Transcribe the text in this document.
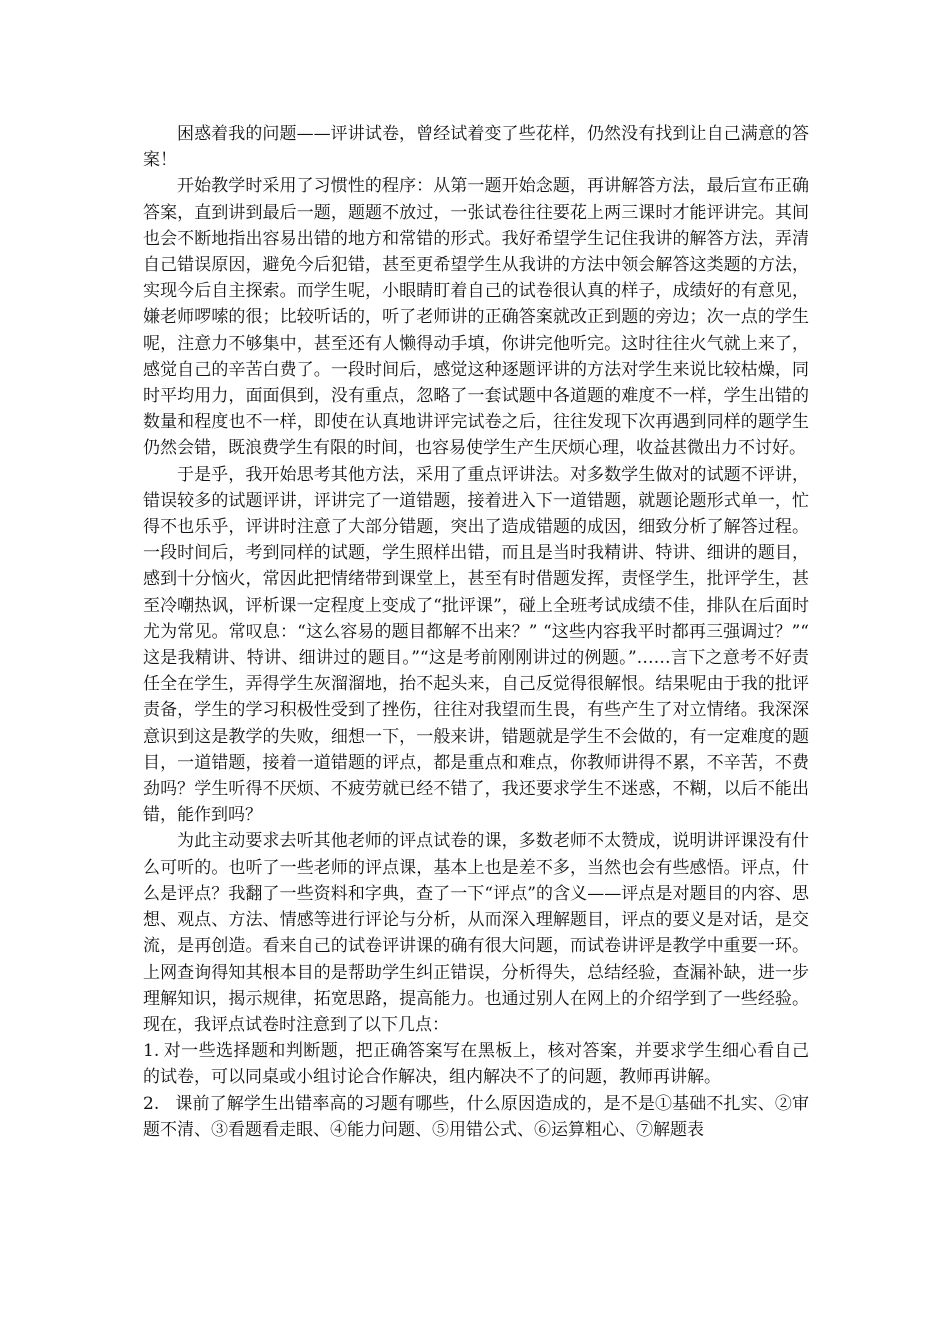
困惑着我的问题——评讲试卷，曾经试着变了些花样，仍然没有找到让自己满意的答案！

开始教学时采用了习惯性的程序：从第一题开始念题，再讲解答方法，最后宣布正确答案，直到讲到最后一题，题题不放过，一张试卷往往要花上两三课时才能评讲完。其间也会不断地指出容易出错的地方和常错的形式。我好希望学生记住我讲的解答方法，弄清自己错误原因，避免今后犯错，甚至更希望学生从我讲的方法中领会解答这类题的方法，实现今后自主探索。而学生呢，小眼睛盯着自己的试卷很认真的样子，成绩好的有意见，嫌老师啰嗦的很；比较听话的，听了老师讲的正确答案就改正到题的旁边；次一点的学生呢，注意力不够集中，甚至还有人懒得动手填，你讲完他听完。这时往往火气就上来了，感觉自己的辛苦白费了。一段时间后，感觉这种逐题评讲的方法对学生来说比较枯燥，同时平均用力，面面俱到，没有重点，忽略了一套试题中各道题的难度不一样，学生出错的数量和程度也不一样，即使在认真地讲评完试卷之后，往往发现下次再遇到同样的题学生仍然会错，既浪费学生有限的时间，也容易使学生产生厌烦心理，收益甚微出力不讨好。

于是乎，我开始思考其他方法，采用了重点评讲法。对多数学生做对的试题不评讲，错误较多的试题评讲，评讲完了一道错题，接着进入下一道错题，就题论题形式单一，忙得不也乐乎，评讲时注意了大部分错题，突出了造成错题的成因，细致分析了解答过程。一段时间后，考到同样的试题，学生照样出错，而且是当时我精讲、特讲、细讲的题目，感到十分恼火，常因此把情绪带到课堂上，甚至有时借题发挥，责怪学生，批评学生，甚至冷嘲热讽，评析课一定程度上变成了“批评课”，碰上全班考试成绩不佳，排队在后面时尤为常见。常叹息：“这么容易的题目都解不出来？” “这些内容我平时都再三强调过？”“ 这是我精讲、特讲、细讲过的题目。”“这是考前刚刚讲过的例题。”……言下之意考不好责任全在学生，弄得学生灰溜溜地，抬不起头来，自己反觉得很解恨。结果呢由于我的批评责备，学生的学习积极性受到了挫伤，往往对我望而生畏，有些产生了对立情绪。我深深意识到这是教学的失败，细想一下，一般来讲，错题就是学生不会做的，有一定难度的题目，一道错题，接着一道错题的评点，都是重点和难点，你教师讲得不累，不辛苦，不费劲吗？学生听得不厌烦、不疲劳就已经不错了，我还要求学生不迷惑，不糊，以后不能出错，能作到吗？

为此主动要求去听其他老师的评点试卷的课，多数老师不太赞成，说明讲评课没有什么可听的。也听了一些老师的评点课，基本上也是差不多，当然也会有些感悟。评点，什么是评点？我翻了一些资料和字典，查了一下“评点”的含义——评点是对题目的内容、思想、观点、方法、情感等进行评论与分析，从而深入理解题目，评点的要义是对话，是交流，是再创造。看来自己的试卷评讲课的确有很大问题，而试卷讲评是教学中重要一环。上网查询得知其根本目的是帮助学生纠正错误，分析得失，总结经验，查漏补缺，进一步理解知识，揭示规律，拓宽思路，提高能力。也通过别人在网上的介绍学到了一些经验。现在，我评点试卷时注意到了以下几点：

1. 对一些选择题和判断题，把正确答案写在黑板上，核对答案，并要求学生细心看自己的试卷，可以同桌或小组讨论合作解决，组内解决不了的问题，教师再讲解。

2. 课前了解学生出错率高的习题有哪些，什么原因造成的，是不是①基础不扎实、②审题不清、③看题看走眼、④能力问题、⑤用错公式、⑥运算粗心、⑦解题表
